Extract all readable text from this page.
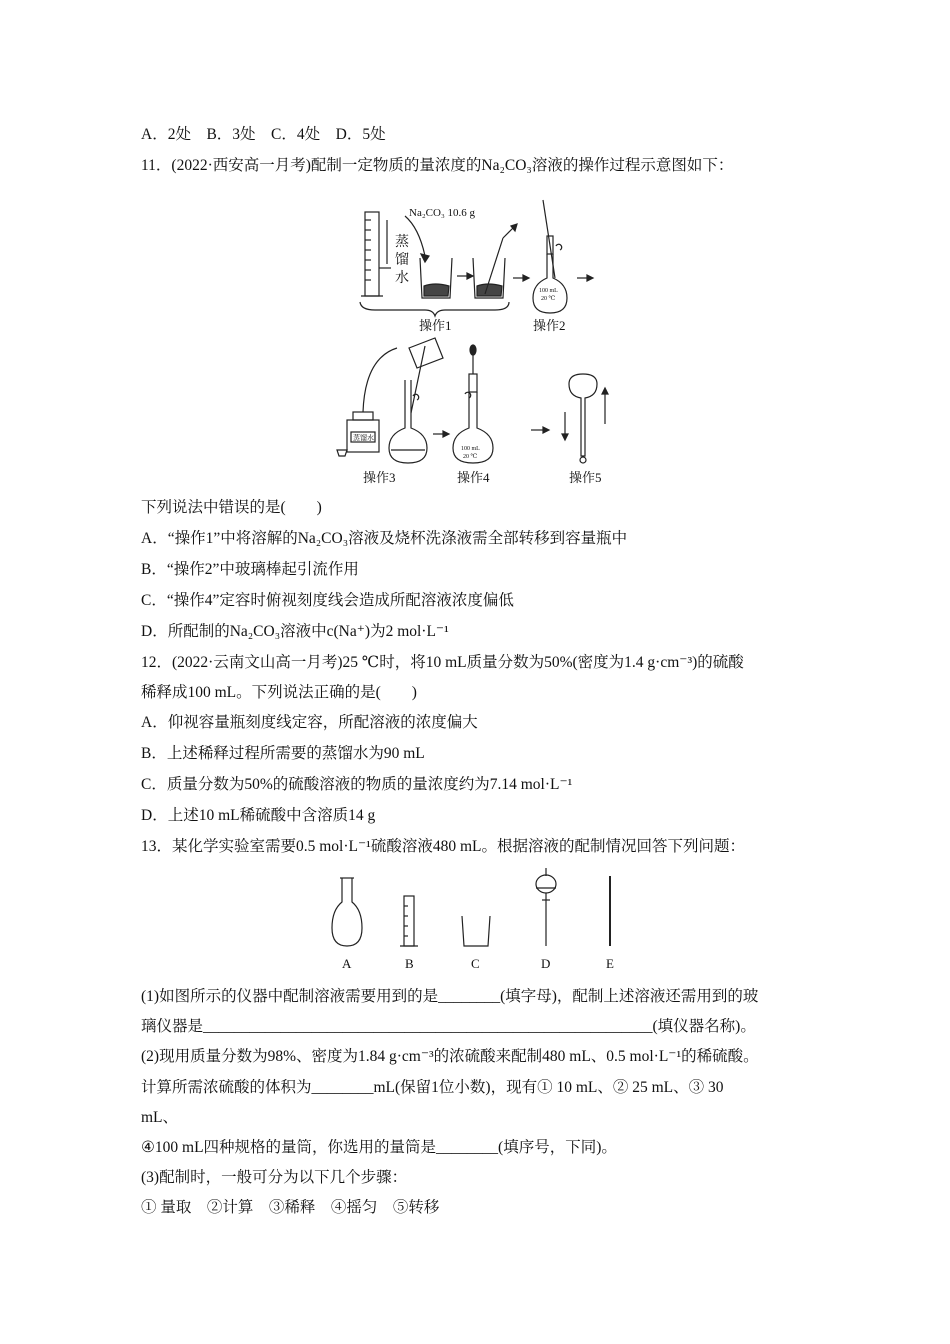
A．2处　B．3处　C．4处　D．5处
11．(2022·西安高一月考)配制一定物质的量浓度的Na₂CO₃溶液的操作过程示意图如下：
Na₂CO₃ 10.6 g
蒸
馏
水
100 mL
20 ℃
蒸馏水
100 mL
20 ℃
操作1	操作2
操作3	操作4	操作5
下列说法中错误的是(　　)
A．“操作1”中将溶解的Na₂CO₃溶液及烧杯洗涤液需全部转移到容量瓶中
B．“操作2”中玻璃棒起引流作用
C．“操作4”定容时俯视刻度线会造成所配溶液浓度偏低
D．所配制的Na₂CO₃溶液中c(Na⁺)为2 mol·L⁻¹
12．(2022·云南文山高一月考)25 ℃时，将10 mL质量分数为50%(密度为1.4 g·cm⁻³)的硫酸
稀释成100 mL。下列说法正确的是(　　)
A．仰视容量瓶刻度线定容，所配溶液的浓度偏大
B．上述稀释过程所需要的蒸馏水为90 mL
C．质量分数为50%的硫酸溶液的物质的量浓度约为7.14 mol·L⁻¹
D．上述10 mL稀硫酸中含溶质14 g
13．某化学实验室需要0.5 mol·L⁻¹硫酸溶液480 mL。根据溶液的配制情况回答下列问题：
A	B	C	D	E
(1)如图所示的仪器中配制溶液需要用到的是________(填字母)，配制上述溶液还需用到的玻
璃仪器是__________________________________________________________(填仪器名称)。
(2)现用质量分数为98%、密度为1.84 g·cm⁻³的浓硫酸来配制480 mL、0.5 mol·L⁻¹的稀硫酸。
计算所需浓硫酸的体积为________mL(保留1位小数)，现有① 10 mL、② 25 mL、③ 30
mL、
④100 mL四种规格的量筒，你选用的量筒是________(填序号，下同)。
(3)配制时，一般可分为以下几个步骤：
① 量取　②计算　③稀释　④摇匀　⑤转移
